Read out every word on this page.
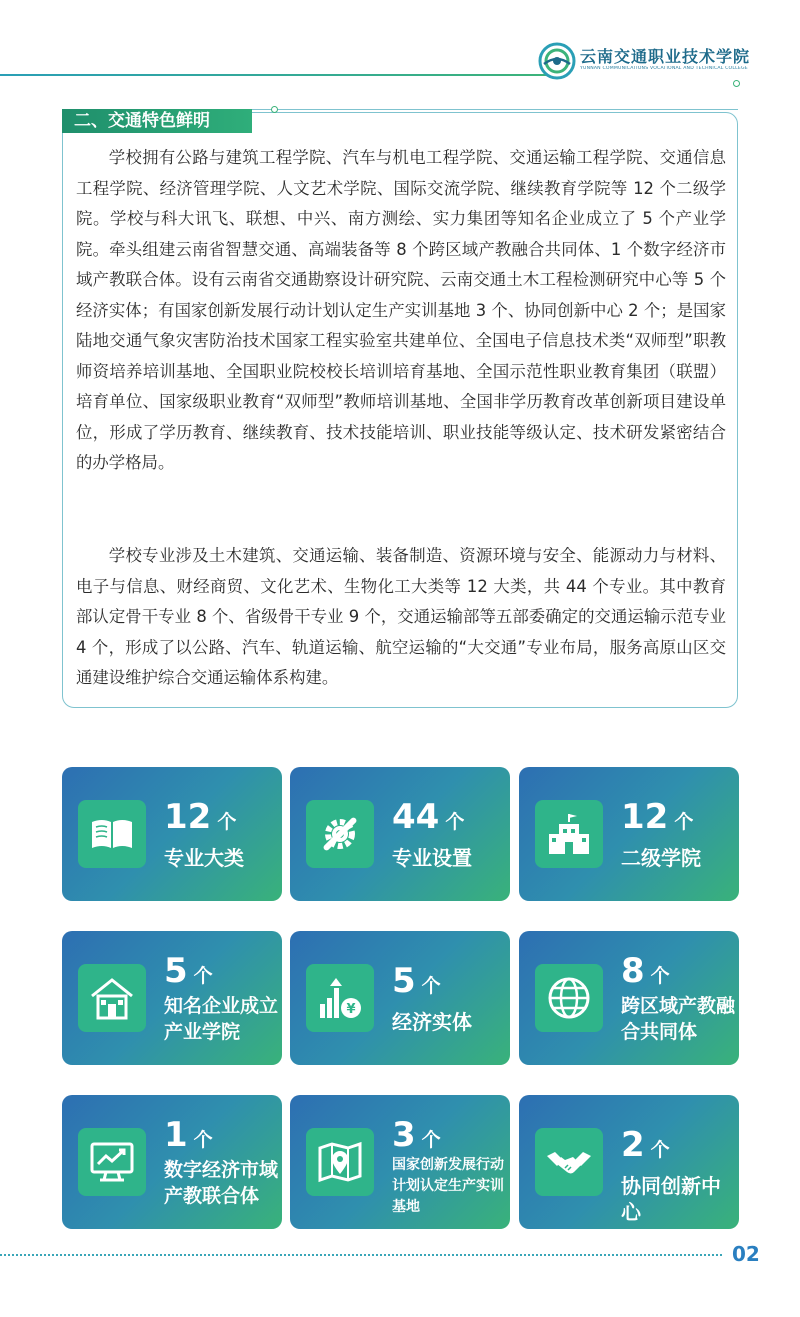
云南交通职业技术学院
YUNNAN COMMUNICATIONS VOCATIONAL AND TECHNICAL COLLEGE
二、交通特色鲜明

学校拥有公路与建筑工程学院、汽车与机电工程学院、交通运输工程学院、交通信息工程学院、经济管理学院、人文艺术学院、国际交流学院、继续教育学院等 12 个二级学院。学校与科大讯飞、联想、中兴、南方测绘、实力集团等知名企业成立了 5 个产业学院。牵头组建云南省智慧交通、高端装备等 8 个跨区域产教融合共同体、1 个数字经济市域产教联合体。设有云南省交通勘察设计研究院、云南交通土木工程检测研究中心等 5 个经济实体；有国家创新发展行动计划认定生产实训基地 3 个、协同创新中心 2 个；是国家陆地交通气象灾害防治技术国家工程实验室共建单位、全国电子信息技术类“双师型”职教师资培养培训基地、全国职业院校校长培训培育基地、全国示范性职业教育集团（联盟）培育单位、国家级职业教育“双师型”教师培训基地、全国非学历教育改革创新项目建设单位，形成了学历教育、继续教育、技术技能培训、职业技能等级认定、技术研发紧密结合的办学格局。

学校专业涉及土木建筑、交通运输、装备制造、资源环境与安全、能源动力与材料、电子与信息、财经商贸、文化艺术、生物化工大类等 12 大类，共 44 个专业。其中教育部认定骨干专业 8 个、省级骨干专业 9 个，交通运输部等五部委确定的交通运输示范专业 4 个，形成了以公路、汽车、轨道运输、航空运输的“大交通”专业布局，服务高原山区交通建设维护综合交通运输体系构建。

12 个
专业大类
44 个
专业设置
12 个
二级学院
5 个
知名企业成立产业学院
¥
5 个
经济实体
8 个
跨区域产教融合共同体
1 个
数字经济市域产教联合体
3 个
国家创新发展行动计划认定生产实训基地
2 个
协同创新中心
02
